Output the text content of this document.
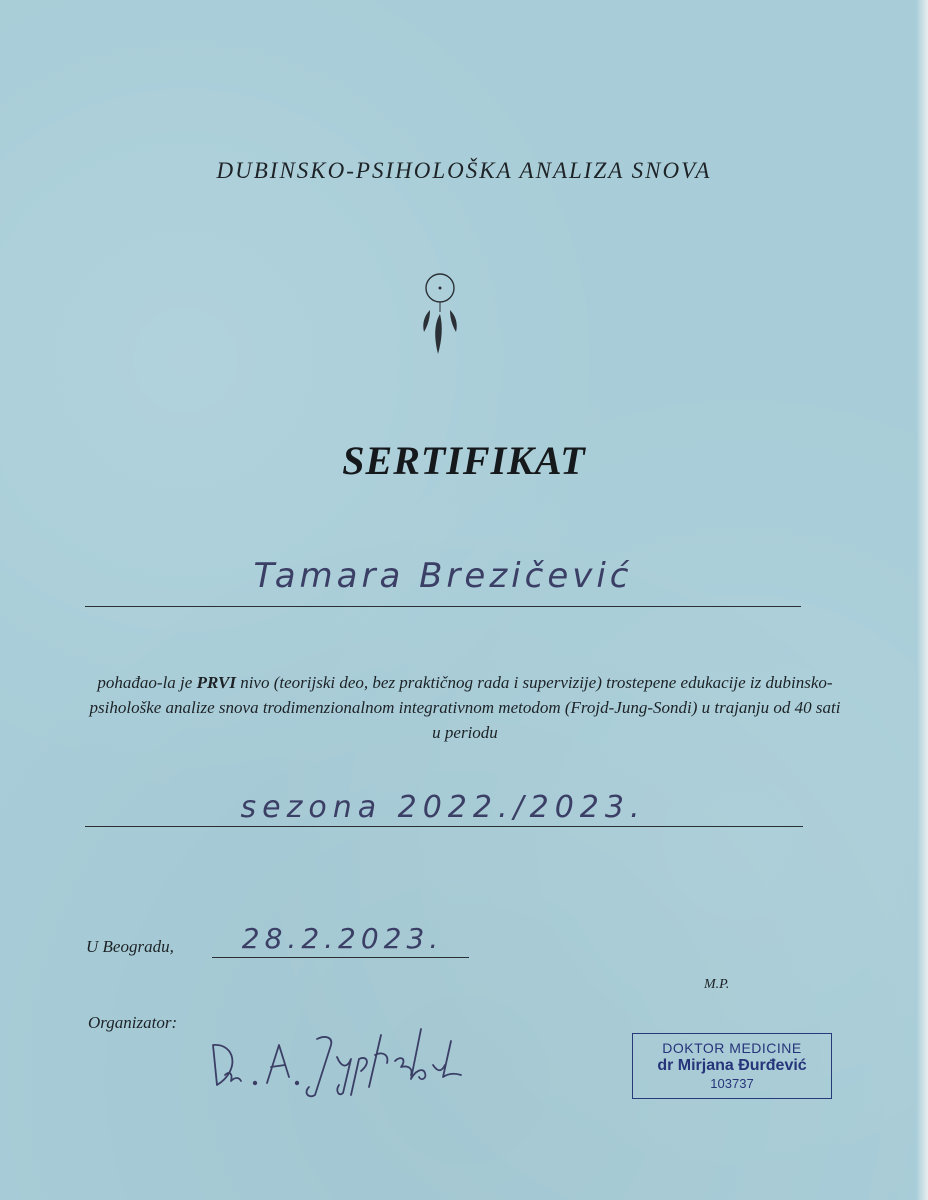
DUBINSKO-PSIHOLOŠKA ANALIZA SNOVA
SERTIFIKAT
Tamara Brezičević
pohađao-la je PRVI nivo (teorijski deo, bez praktičnog rada i supervizije) trostepene edukacije iz dubinsko-psihološke analize snova trodimenzionalnom integrativnom metodom (Frojd-Jung-Sondi) u trajanju od 40 sati u periodu
sezona 2022./2023.
U Beogradu,	28.2.2023.
M.P.
Organizator:
DOKTOR MEDICINE
dr Mirjana Đurđević
103737
